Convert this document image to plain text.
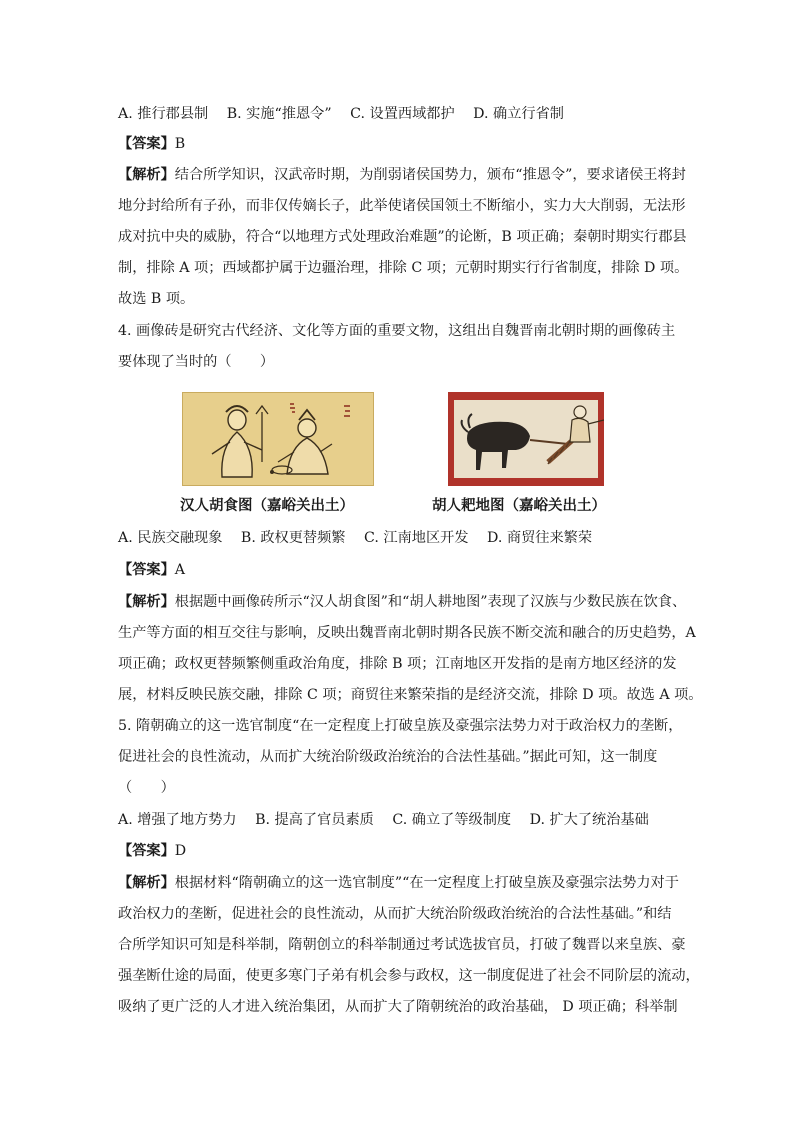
A. 推行郡县制 B. 实施“推恩令” C. 设置西域都护 D. 确立行省制
【答案】B
【解析】结合所学知识，汉武帝时期，为削弱诸侯国势力，颁布“推恩令”，要求诸侯王将封
地分封给所有子孙，而非仅传嫡长子，此举使诸侯国领土不断缩小，实力大大削弱，无法形
成对抗中央的威胁，符合“以地理方式处理政治难题”的论断，B 项正确；秦朝时期实行郡县
制，排除 A 项；西域都护属于边疆治理，排除 C 项；元朝时期实行行省制度，排除 D 项。
故选 B 项。
4. 画像砖是研究古代经济、文化等方面的重要文物，这组出自魏晋南北朝时期的画像砖主
要体现了当时的（　　）
汉人胡食图（嘉峪关出土）	胡人耙地图（嘉峪关出土）
A. 民族交融现象 B. 政权更替频繁 C. 江南地区开发 D. 商贸往来繁荣
【答案】A
【解析】根据题中画像砖所示“汉人胡食图”和“胡人耕地图”表现了汉族与少数民族在饮食、
生产等方面的相互交往与影响，反映出魏晋南北朝时期各民族不断交流和融合的历史趋势，A
项正确；政权更替频繁侧重政治角度，排除 B 项；江南地区开发指的是南方地区经济的发
展，材料反映民族交融，排除 C 项；商贸往来繁荣指的是经济交流，排除 D 项。故选 A 项。
5. 隋朝确立的这一选官制度“在一定程度上打破皇族及豪强宗法势力对于政治权力的垄断，
促进社会的良性流动，从而扩大统治阶级政治统治的合法性基础。”据此可知，这一制度
（　　）
A. 增强了地方势力 B. 提高了官员素质 C. 确立了等级制度 D. 扩大了统治基础
【答案】D
【解析】根据材料“隋朝确立的这一选官制度”“在一定程度上打破皇族及豪强宗法势力对于
政治权力的垄断，促进社会的良性流动，从而扩大统治阶级政治统治的合法性基础。”和结
合所学知识可知是科举制，隋朝创立的科举制通过考试选拔官员，打破了魏晋以来皇族、豪
强垄断仕途的局面，使更多寒门子弟有机会参与政权，这一制度促进了社会不同阶层的流动，
吸纳了更广泛的人才进入统治集团，从而扩大了隋朝统治的政治基础， D 项正确；科举制
